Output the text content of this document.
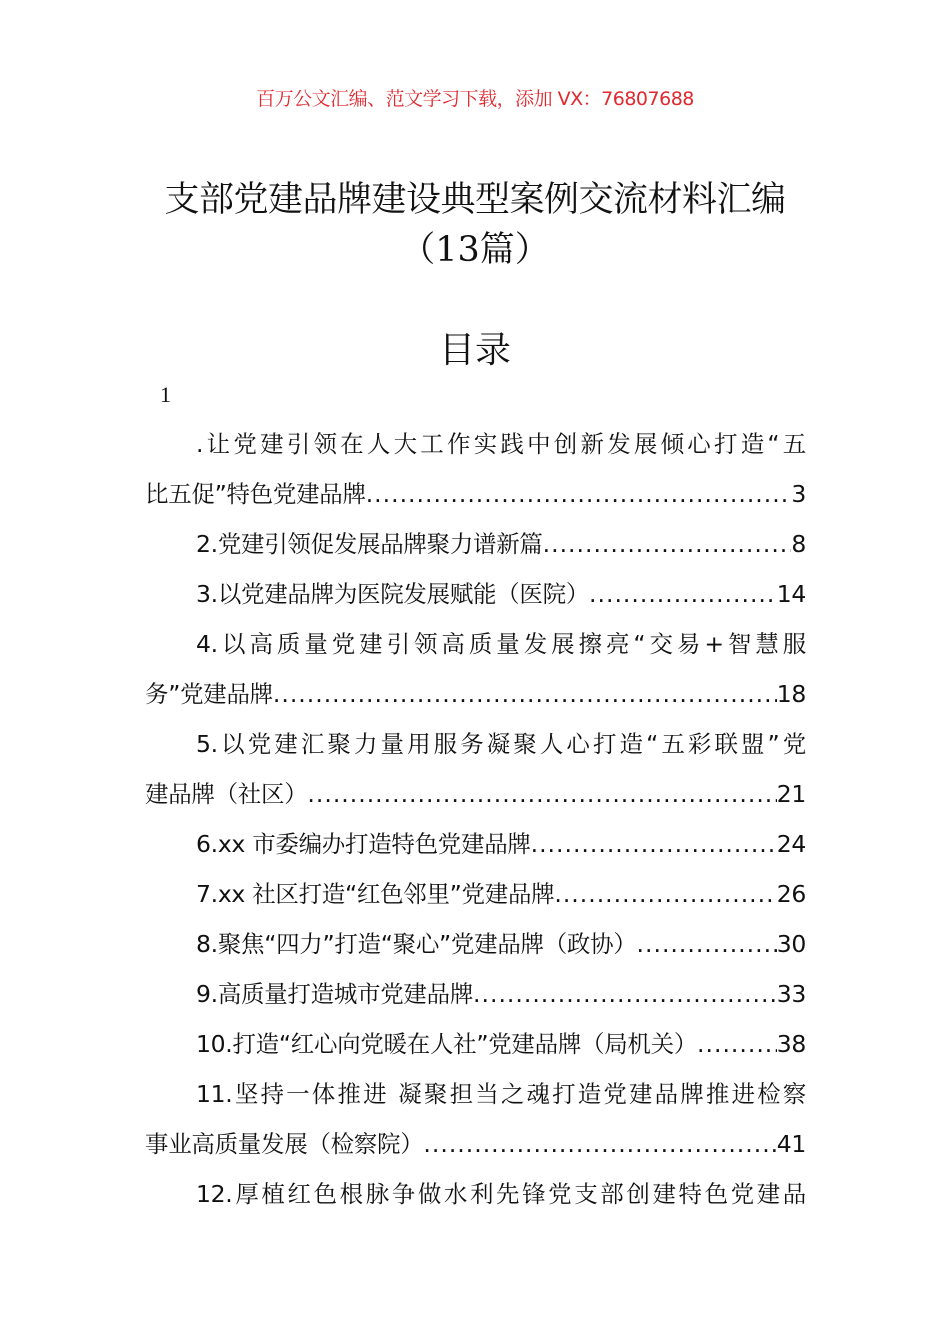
百万公文汇编、范文学习下载，添加 VX：76807688
支部党建品牌建设典型案例交流材料汇编
（13篇）
目录
1
.让党建引领在人大工作实践中创新发展倾心打造“五
比五促”特色党建品牌 .....	3
2.党建引领促发展品牌聚力谱新篇 .....	8
3.以党建品牌为医院发展赋能（医院） .....	14
4.以高质量党建引领高质量发展擦亮“交易+智慧服
务”党建品牌 .....	18
5.以党建汇聚力量用服务凝聚人心打造“五彩联盟”党
建品牌（社区） .....	21
6.xx 市委编办打造特色党建品牌 .....	24
7.xx 社区打造“红色邻里”党建品牌 .....	26
8.聚焦“四力”打造“聚心”党建品牌（政协） .....	30
9.高质量打造城市党建品牌 .....	33
10.打造“红心向党暖在人社”党建品牌（局机关） .....	38
11.坚持一体推进 凝聚担当之魂打造党建品牌推进检察
事业高质量发展（检察院） .....	41
12.厚植红色根脉争做水利先锋党支部创建特色党建品
